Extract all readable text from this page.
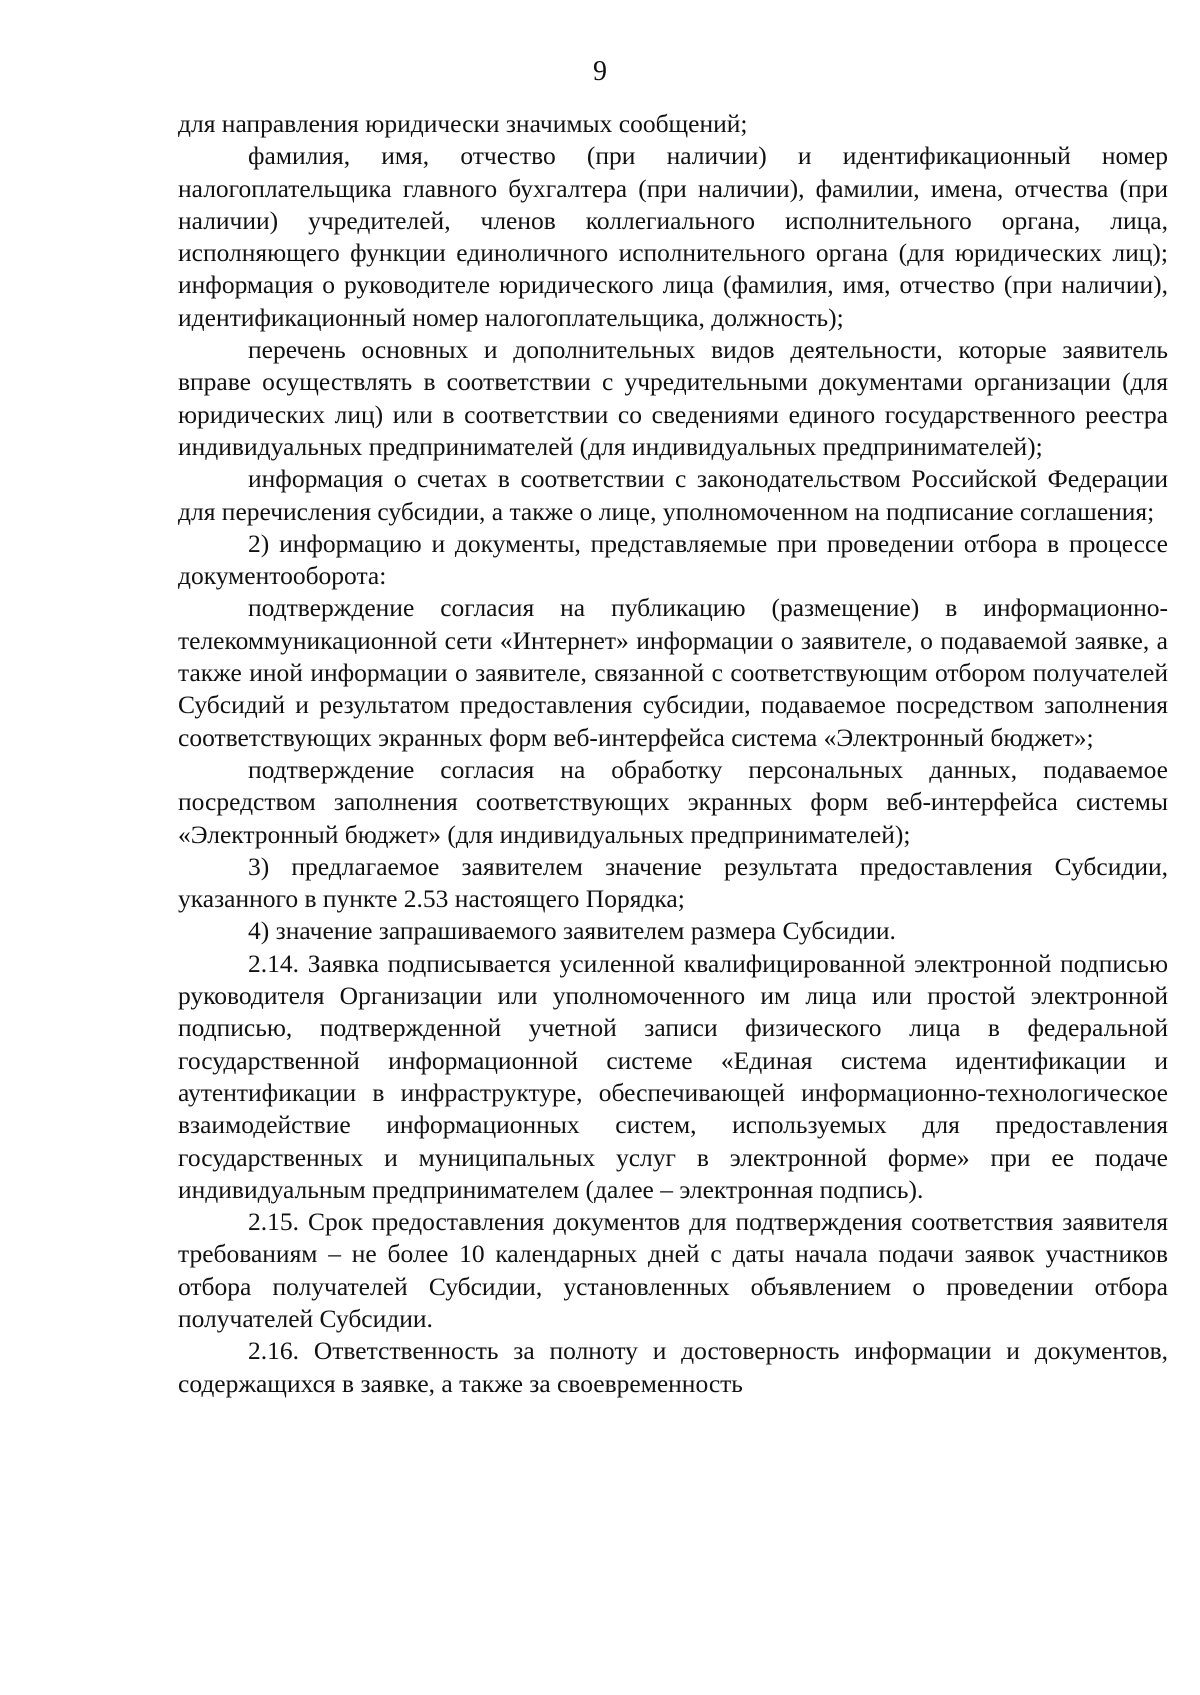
9

для направления юридически значимых сообщений;

фамилия, имя, отчество (при наличии) и идентификационный номер налогоплательщика главного бухгалтера (при наличии), фамилии, имена, отчества (при наличии) учредителей, членов коллегиального исполнительного органа, лица, исполняющего функции единоличного исполнительного органа (для юридических лиц); информация о руководителе юридического лица (фамилия, имя, отчество (при наличии), идентификационный номер налогоплательщика, должность);

перечень основных и дополнительных видов деятельности, которые заявитель вправе осуществлять в соответствии с учредительными документами организации (для юридических лиц) или в соответствии со сведениями единого государственного реестра индивидуальных предпринимателей (для индивидуальных предпринимателей);

информация о счетах в соответствии с законодательством Российской Федерации для перечисления субсидии, а также о лице, уполномоченном на подписание соглашения;

2) информацию и документы, представляемые при проведении отбора в процессе документооборота:

подтверждение согласия на публикацию (размещение) в информационно-телекоммуникационной сети «Интернет» информации о заявителе, о подаваемой заявке, а также иной информации о заявителе, связанной с соответствующим отбором получателей Субсидий и результатом предоставления субсидии, подаваемое посредством заполнения соответствующих экранных форм веб-интерфейса система «Электронный бюджет»;

подтверждение согласия на обработку персональных данных, подаваемое посредством заполнения соответствующих экранных форм веб-интерфейса системы «Электронный бюджет» (для индивидуальных предпринимателей);

3) предлагаемое заявителем значение результата предоставления Субсидии, указанного в пункте 2.53 настоящего Порядка;

4) значение запрашиваемого заявителем размера Субсидии.

2.14. Заявка подписывается усиленной квалифицированной электронной подписью руководителя Организации или уполномоченного им лица или простой электронной подписью, подтвержденной учетной записи физического лица в федеральной государственной информационной системе «Единая система идентификации и аутентификации в инфраструктуре, обеспечивающей информационно-технологическое взаимодействие информационных систем, используемых для предоставления государственных и муниципальных услуг в электронной форме» при ее подаче индивидуальным предпринимателем (далее – электронная подпись).

2.15. Срок предоставления документов для подтверждения соответствия заявителя требованиям – не более 10 календарных дней с даты начала подачи заявок участников отбора получателей Субсидии, установленных объявлением о проведении отбора получателей Субсидии.

2.16. Ответственность за полноту и достоверность информации и документов, содержащихся в заявке, а также за своевременность
